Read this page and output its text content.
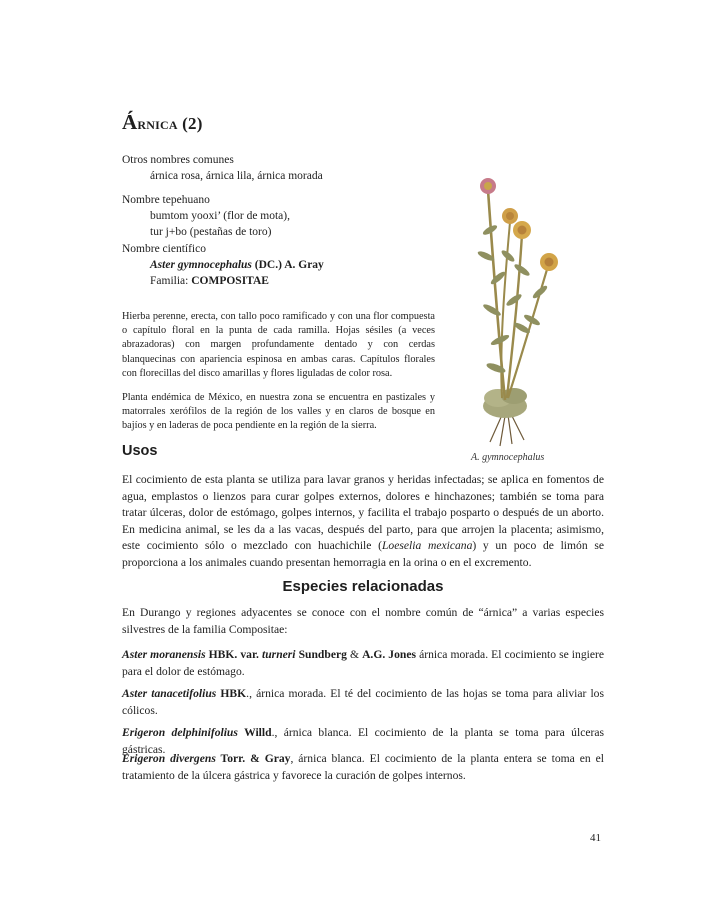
Árnica (2)

Otros nombres comunes

árnica rosa, árnica lila, árnica morada

Nombre tepehuano

bumtom yooxi’ (flor de mota),

tur j+bo (pestañas de toro)

Nombre científico

Aster gymnocephalus (DC.) A. Gray

Familia: COMPOSITAE

Hierba perenne, erecta, con tallo poco ramificado y con una flor compuesta o capítulo floral en la punta de cada ramilla. Hojas sésiles (a veces abrazadoras) con margen profundamente dentado y con cerdas blanquecinas con apariencia espinosa en ambas caras. Capítulos florales con florecillas del disco amarillas y flores liguladas de color rosa.

Planta endémica de México, en nuestra zona se encuentra en pastizales y matorrales xerófilos de la región de los valles y en claros de bosque en bajíos y en laderas de poca pendiente en la región de la sierra.

A. gymnocephalus
Usos
El cocimiento de esta planta se utiliza para lavar granos y heridas infectadas; se aplica en fomentos de agua, emplastos o lienzos para curar golpes externos, dolores e hinchazones; también se toma para tratar úlceras, dolor de estómago, golpes internos, y facilita el trabajo posparto o después de un aborto. En medicina animal, se les da a las vacas, después del parto, para que arrojen la placenta; asimismo, este cocimiento sólo o mezclado con huachichile (Loeselia mexicana) y un poco de limón se proporciona a los animales cuando presentan hemorragia en la orina o en el excremento.
Especies relacionadas
En Durango y regiones adyacentes se conoce con el nombre común de “árnica” a varias especies silvestres de la familia Compositae:
Aster moranensis HBK. var. turneri Sundberg & A.G. Jones árnica morada. El cocimiento se ingiere para el dolor de estómago.
Aster tanacetifolius HBK., árnica morada. El té del cocimiento de las hojas se toma para aliviar los cólicos.
Erigeron delphinifolius Willd., árnica blanca. El cocimiento de la planta se toma para úlceras gástricas.
Erigeron divergens Torr. & Gray, árnica blanca. El cocimiento de la planta entera se toma en el tratamiento de la úlcera gástrica y favorece la curación de golpes internos.
41
